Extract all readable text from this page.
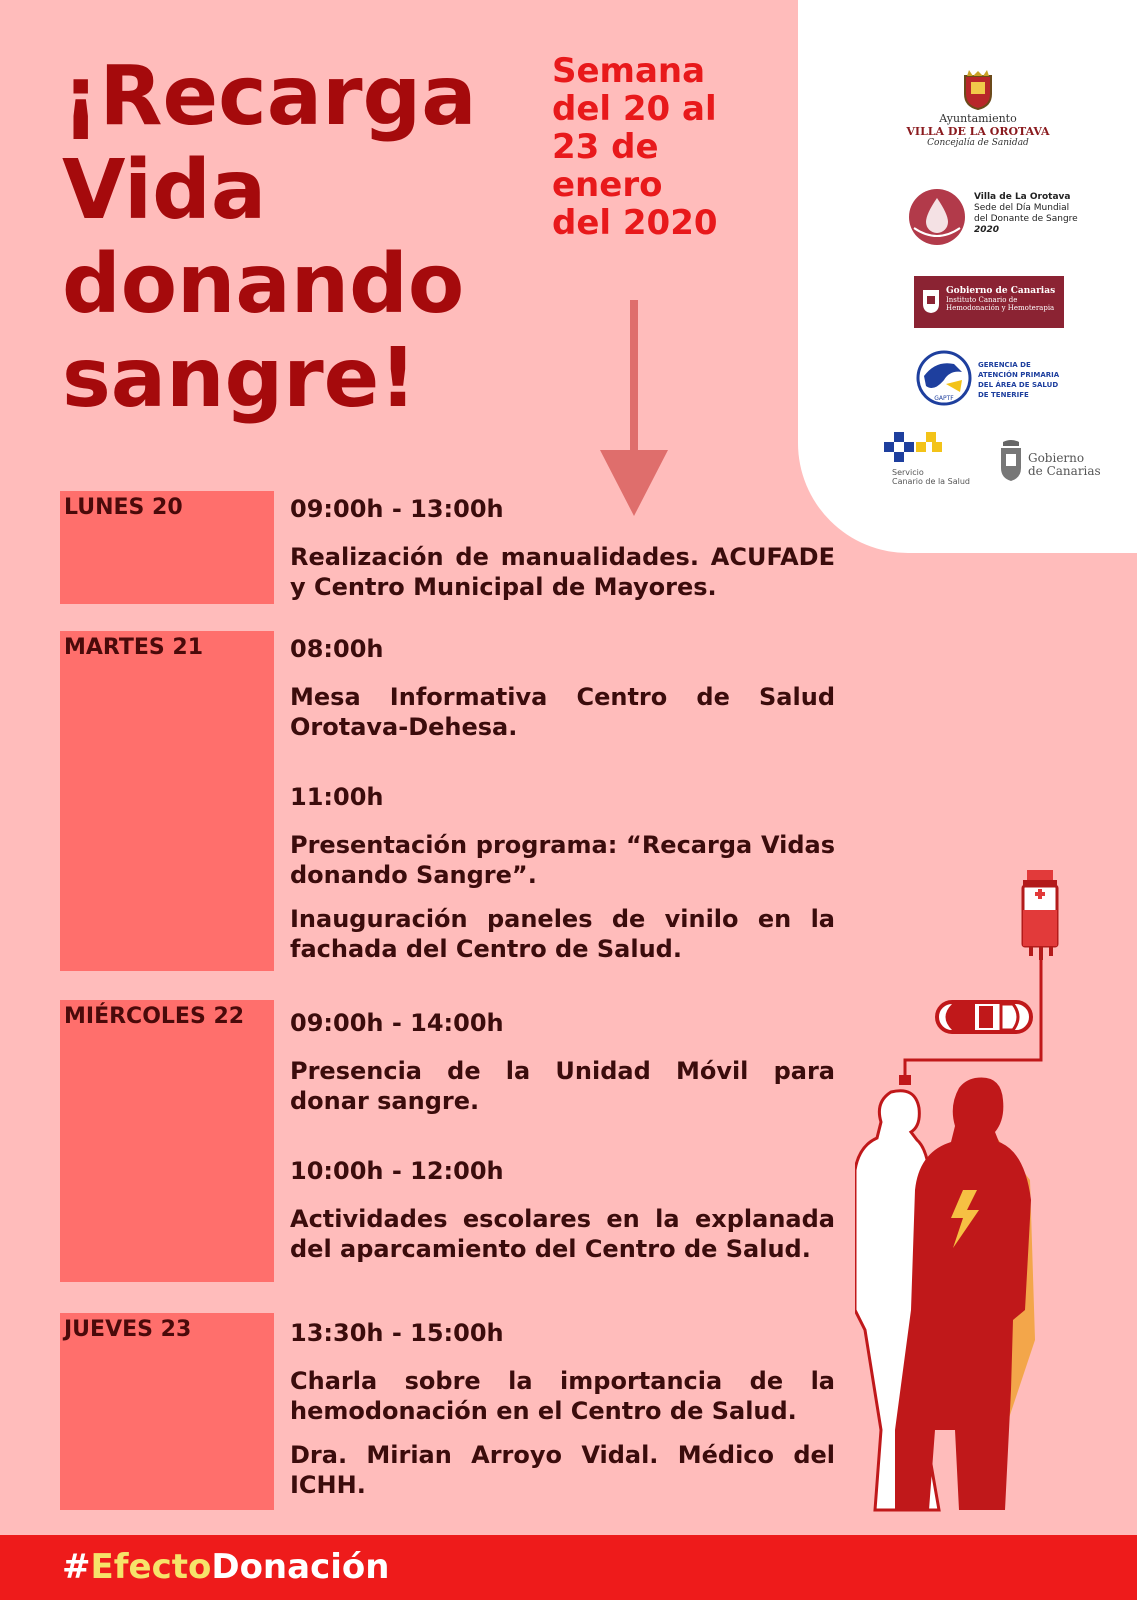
¡Recarga
Vida
donando
sangre!
Semana
del 20 al
23 de
enero
del 2020
Ayuntamiento
VILLA DE LA OROTAVA
Concejalía de Sanidad
Villa de La Orotava
Sede del Día Mundial
del Donante de Sangre
2020
Gobierno de Canarias
Instituto Canario de
Hemodonación y Hemoterapia
GAPTF
GERENCIA DE
ATENCIÓN PRIMARIA
DEL ÁREA DE SALUD
DE TENERIFE
Servicio
Canario de la Salud
Gobierno
de Canarias
LUNES 20	09:00h - 13:00h
Realización de manualidades. ACUFADE y Centro Municipal de Mayores.
MARTES 21	08:00h
Mesa Informativa Centro de Salud Orotava-Dehesa.
11:00h
Presentación programa: “Recarga Vidas donando Sangre”.
Inauguración paneles de vinilo en la fachada del Centro de Salud.
MIÉRCOLES 22 09:00h - 14:00h
Presencia de la Unidad Móvil para donar sangre.
10:00h - 12:00h
Actividades escolares en la explanada del aparcamiento del Centro de Salud.
JUEVES 23	13:30h - 15:00h
Charla sobre la importancia de la hemodonación en el Centro de Salud.
Dra. Mirian Arroyo Vidal. Médico del ICHH.
#EfectoDonación
